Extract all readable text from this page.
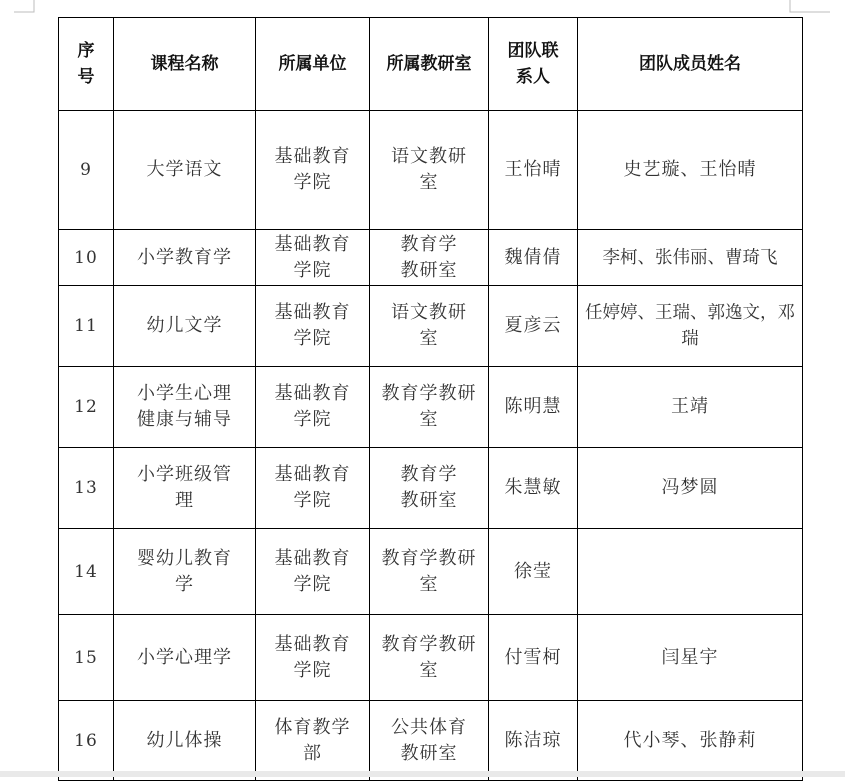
序号	课程名称	所属单位	所属教研室	团队联系人	团队成员姓名
9	大学语文	基础教育学院	语文教研室	王怡晴	史艺璇、王怡晴
10	小学教育学	基础教育学院	教育学教研室	魏倩倩	李柯、张伟丽、曹琦飞
11	幼儿文学	基础教育学院	语文教研室	夏彦云	任婷婷、王瑞、郭逸文，邓瑞
12	小学生心理健康与辅导	基础教育学院	教育学教研室	陈明慧	王靖
13	小学班级管理	基础教育学院	教育学教研室	朱慧敏	冯梦圆
14	婴幼儿教育学	基础教育学院	教育学教研室	徐莹	
15	小学心理学	基础教育学院	教育学教研室	付雪柯	闫星宇
16	幼儿体操	体育教学部	公共体育教研室	陈洁琼	代小琴、张静莉
